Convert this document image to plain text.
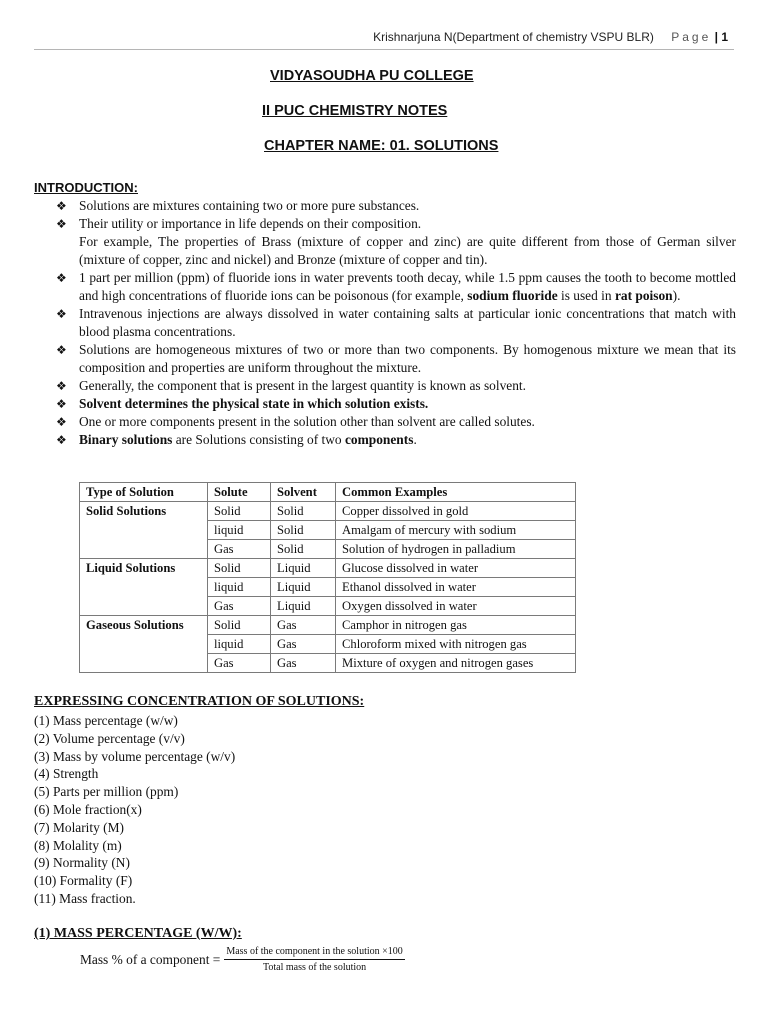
Krishnarjuna N(Department of chemistry VSPU BLR) Page | 1
VIDYASOUDHA PU COLLEGE
II PUC CHEMISTRY NOTES
CHAPTER NAME: 01. SOLUTIONS
INTRODUCTION:
❖ Solutions are mixtures containing two or more pure substances.
❖ Their utility or importance in life depends on their composition.
For example, The properties of Brass (mixture of copper and zinc) are quite different from those of German silver (mixture of copper, zinc and nickel) and Bronze (mixture of copper and tin).
❖ 1 part per million (ppm) of fluoride ions in water prevents tooth decay, while 1.5 ppm causes the tooth to become mottled and high concentrations of fluoride ions can be poisonous (for example, sodium fluoride is used in rat poison).
❖ Intravenous injections are always dissolved in water containing salts at particular ionic concentrations that match with blood plasma concentrations.
❖ Solutions are homogeneous mixtures of two or more than two components. By homogenous mixture we mean that its composition and properties are uniform throughout the mixture.
❖ Generally, the component that is present in the largest quantity is known as solvent.
❖ Solvent determines the physical state in which solution exists.
❖ One or more components present in the solution other than solvent are called solutes.
❖ Binary solutions are Solutions consisting of two components.
Type of Solution	Solute	Solvent	Common Examples
Solid Solutions	Solid	Solid	Copper dissolved in gold
	liquid	Solid	Amalgam of mercury with sodium
	Gas	Solid	Solution of hydrogen in palladium
Liquid Solutions	Solid	Liquid	Glucose dissolved in water
	liquid	Liquid	Ethanol dissolved in water
	Gas	Liquid	Oxygen dissolved in water
Gaseous Solutions	Solid	Gas	Camphor in nitrogen gas
	liquid	Gas	Chloroform mixed with nitrogen gas
	Gas	Gas	Mixture of oxygen and nitrogen gases
EXPRESSING CONCENTRATION OF SOLUTIONS:
(1) Mass percentage (w/w)
(2) Volume percentage (v/v)
(3) Mass by volume percentage (w/v)
(4) Strength
(5) Parts per million (ppm)
(6) Mole fraction(x)
(7) Molarity (M)
(8) Molality (m)
(9) Normality (N)
(10) Formality (F)
(11) Mass fraction.
(1) MASS PERCENTAGE (W/W):
Mass % of a component = $\frac{\text{Mass of the component in the solution ×100}}{\text{Total mass of the solution}}$
